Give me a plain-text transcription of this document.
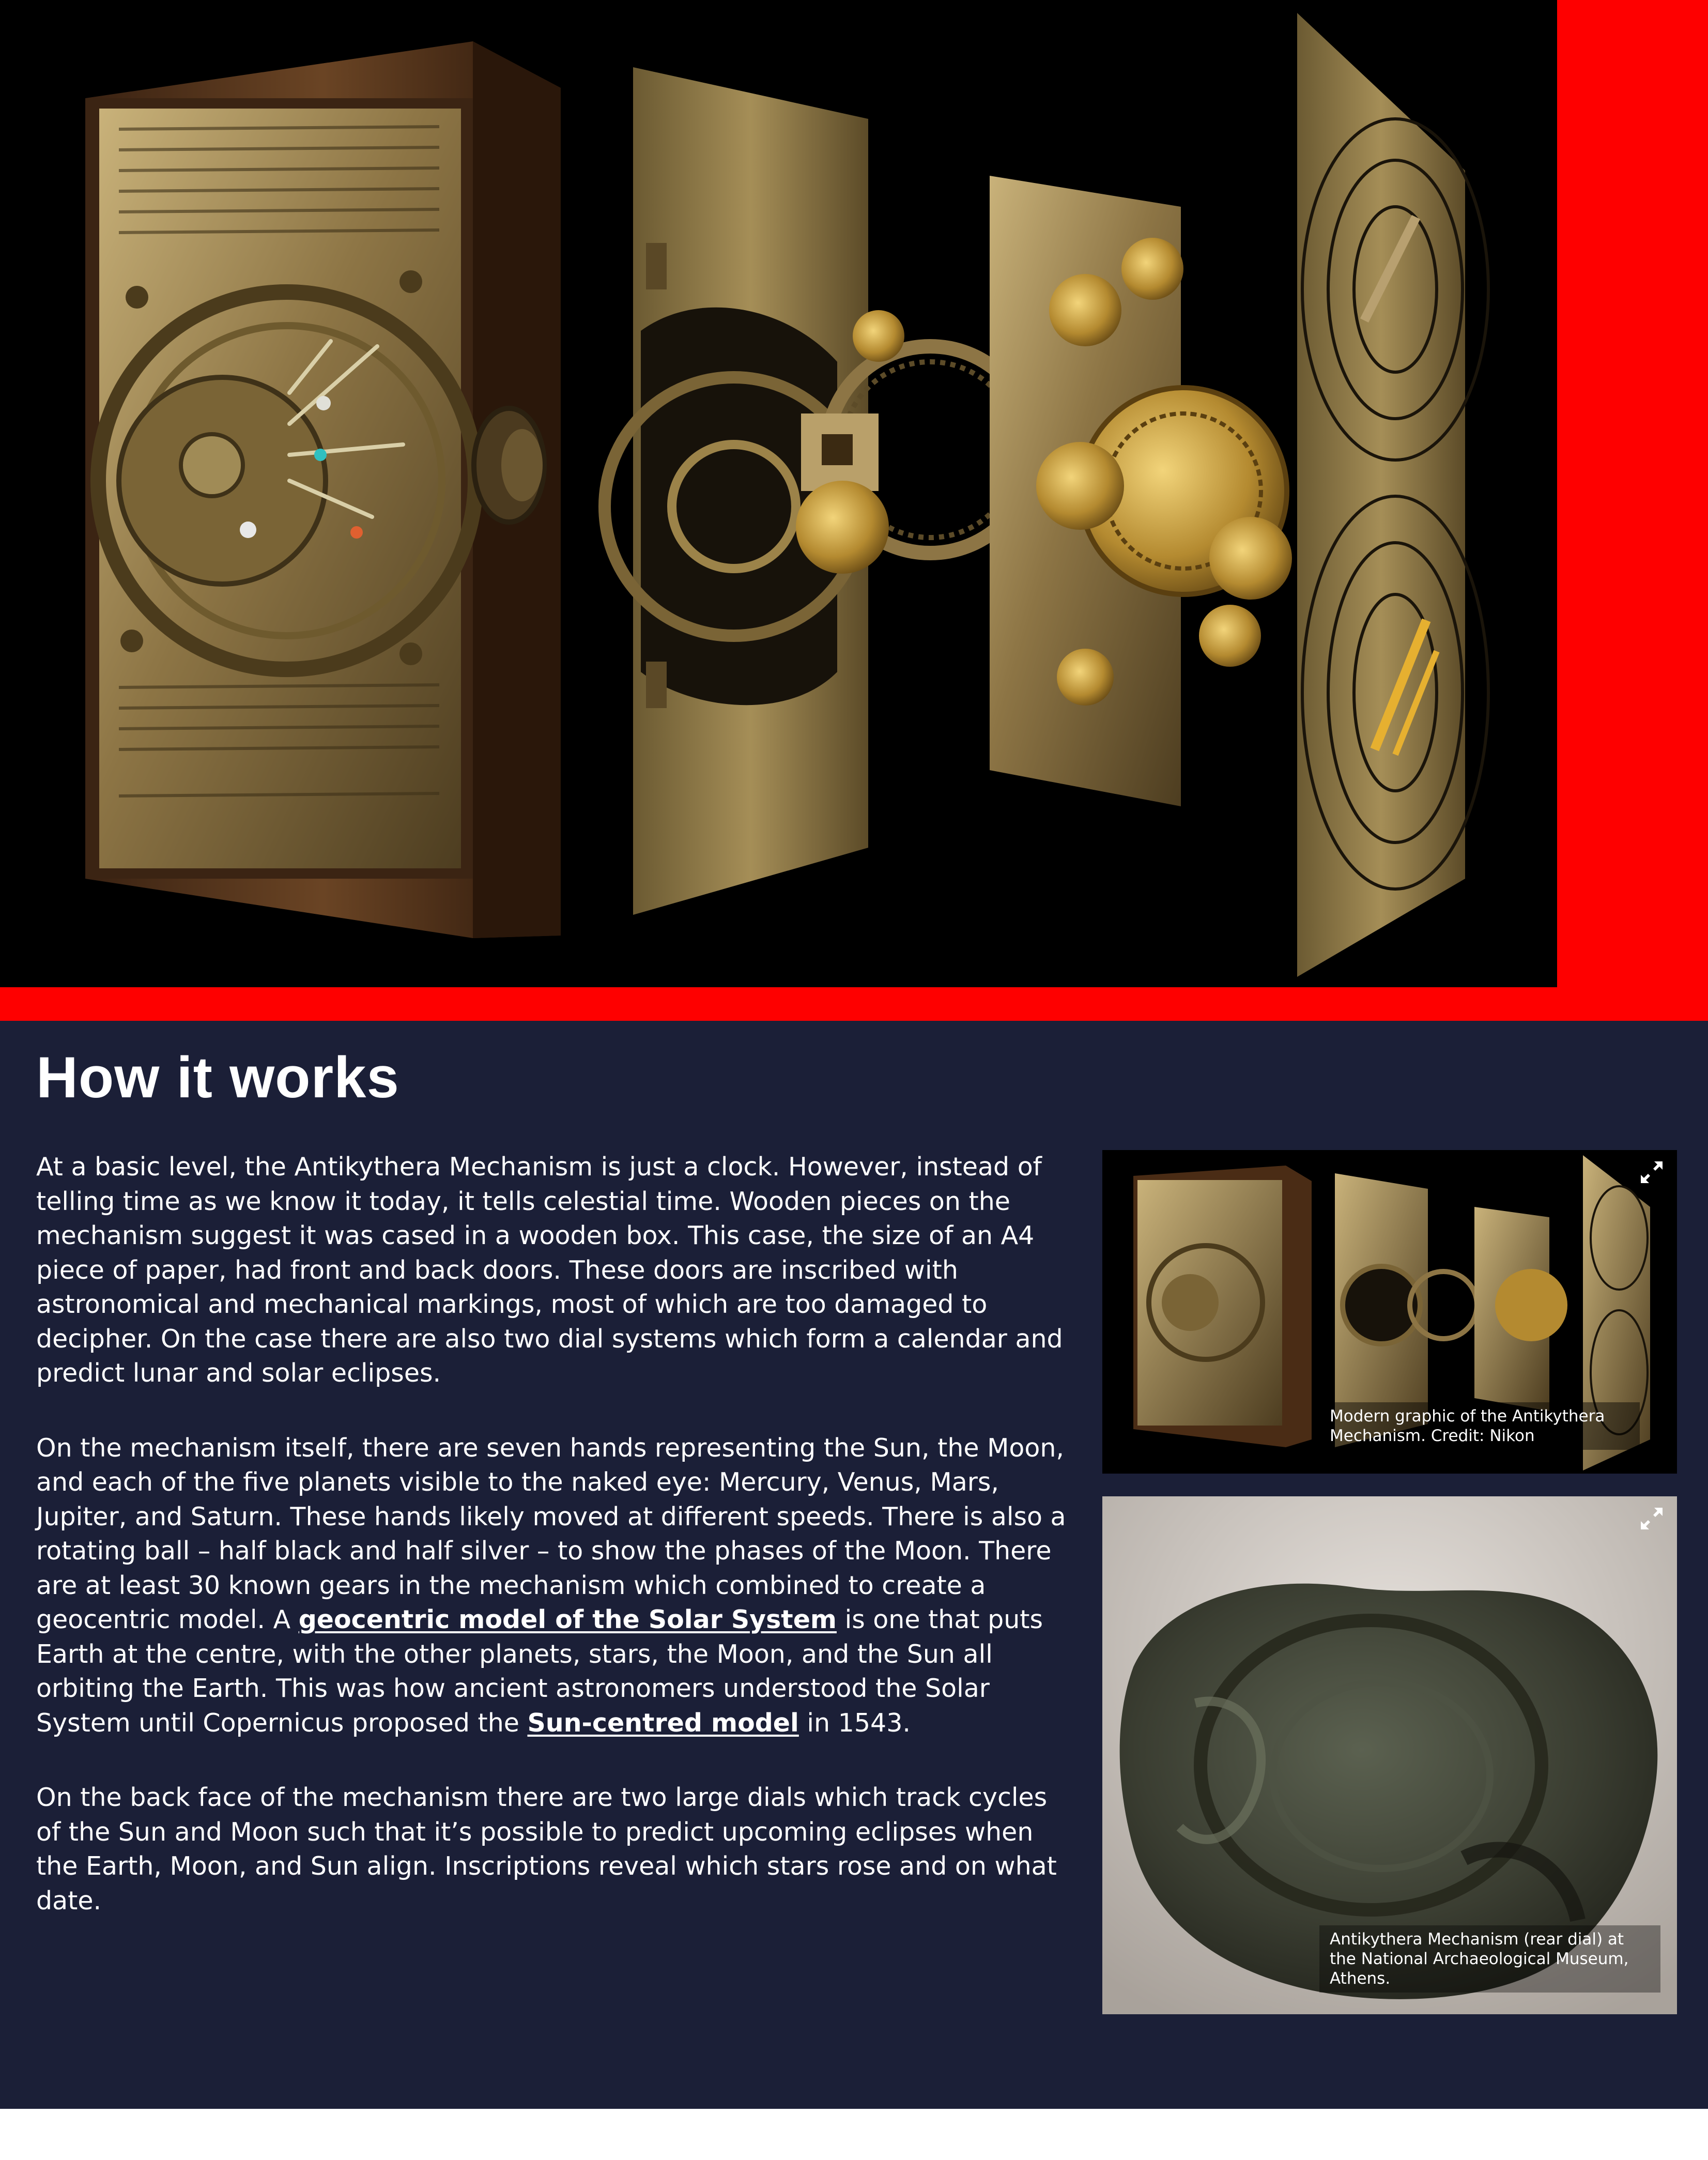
How it works

At a basic level, the Antikythera Mechanism is just a clock. However, instead of telling time as we know it today, it tells celestial time. Wooden pieces on the mechanism suggest it was cased in a wooden box. This case, the size of an A4 piece of paper, had front and back doors. These doors are inscribed with astronomical and mechanical markings, most of which are too damaged to decipher. On the case there are also two dial systems which form a calendar and predict lunar and solar eclipses.

On the mechanism itself, there are seven hands representing the Sun, the Moon, and each of the five planets visible to the naked eye: Mercury, Venus, Mars, Jupiter, and Saturn. These hands likely moved at different speeds. There is also a rotating ball – half black and half silver – to show the phases of the Moon. There are at least 30 known gears in the mechanism which combined to create a geocentric model. A geocentric model of the Solar System is one that puts Earth at the centre, with the other planets, stars, the Moon, and the Sun all orbiting the Earth. This was how ancient astronomers understood the Solar System until Copernicus proposed the Sun-centred model in 1543.

On the back face of the mechanism there are two large dials which track cycles of the Sun and Moon such that it’s possible to predict upcoming eclipses when the Earth, Moon, and Sun align. Inscriptions reveal which stars rose and on what date.

Modern graphic of the Antikythera Mechanism. Credit: Nikon
Antikythera Mechanism (rear dial) at the National Archaeological Museum, Athens.
